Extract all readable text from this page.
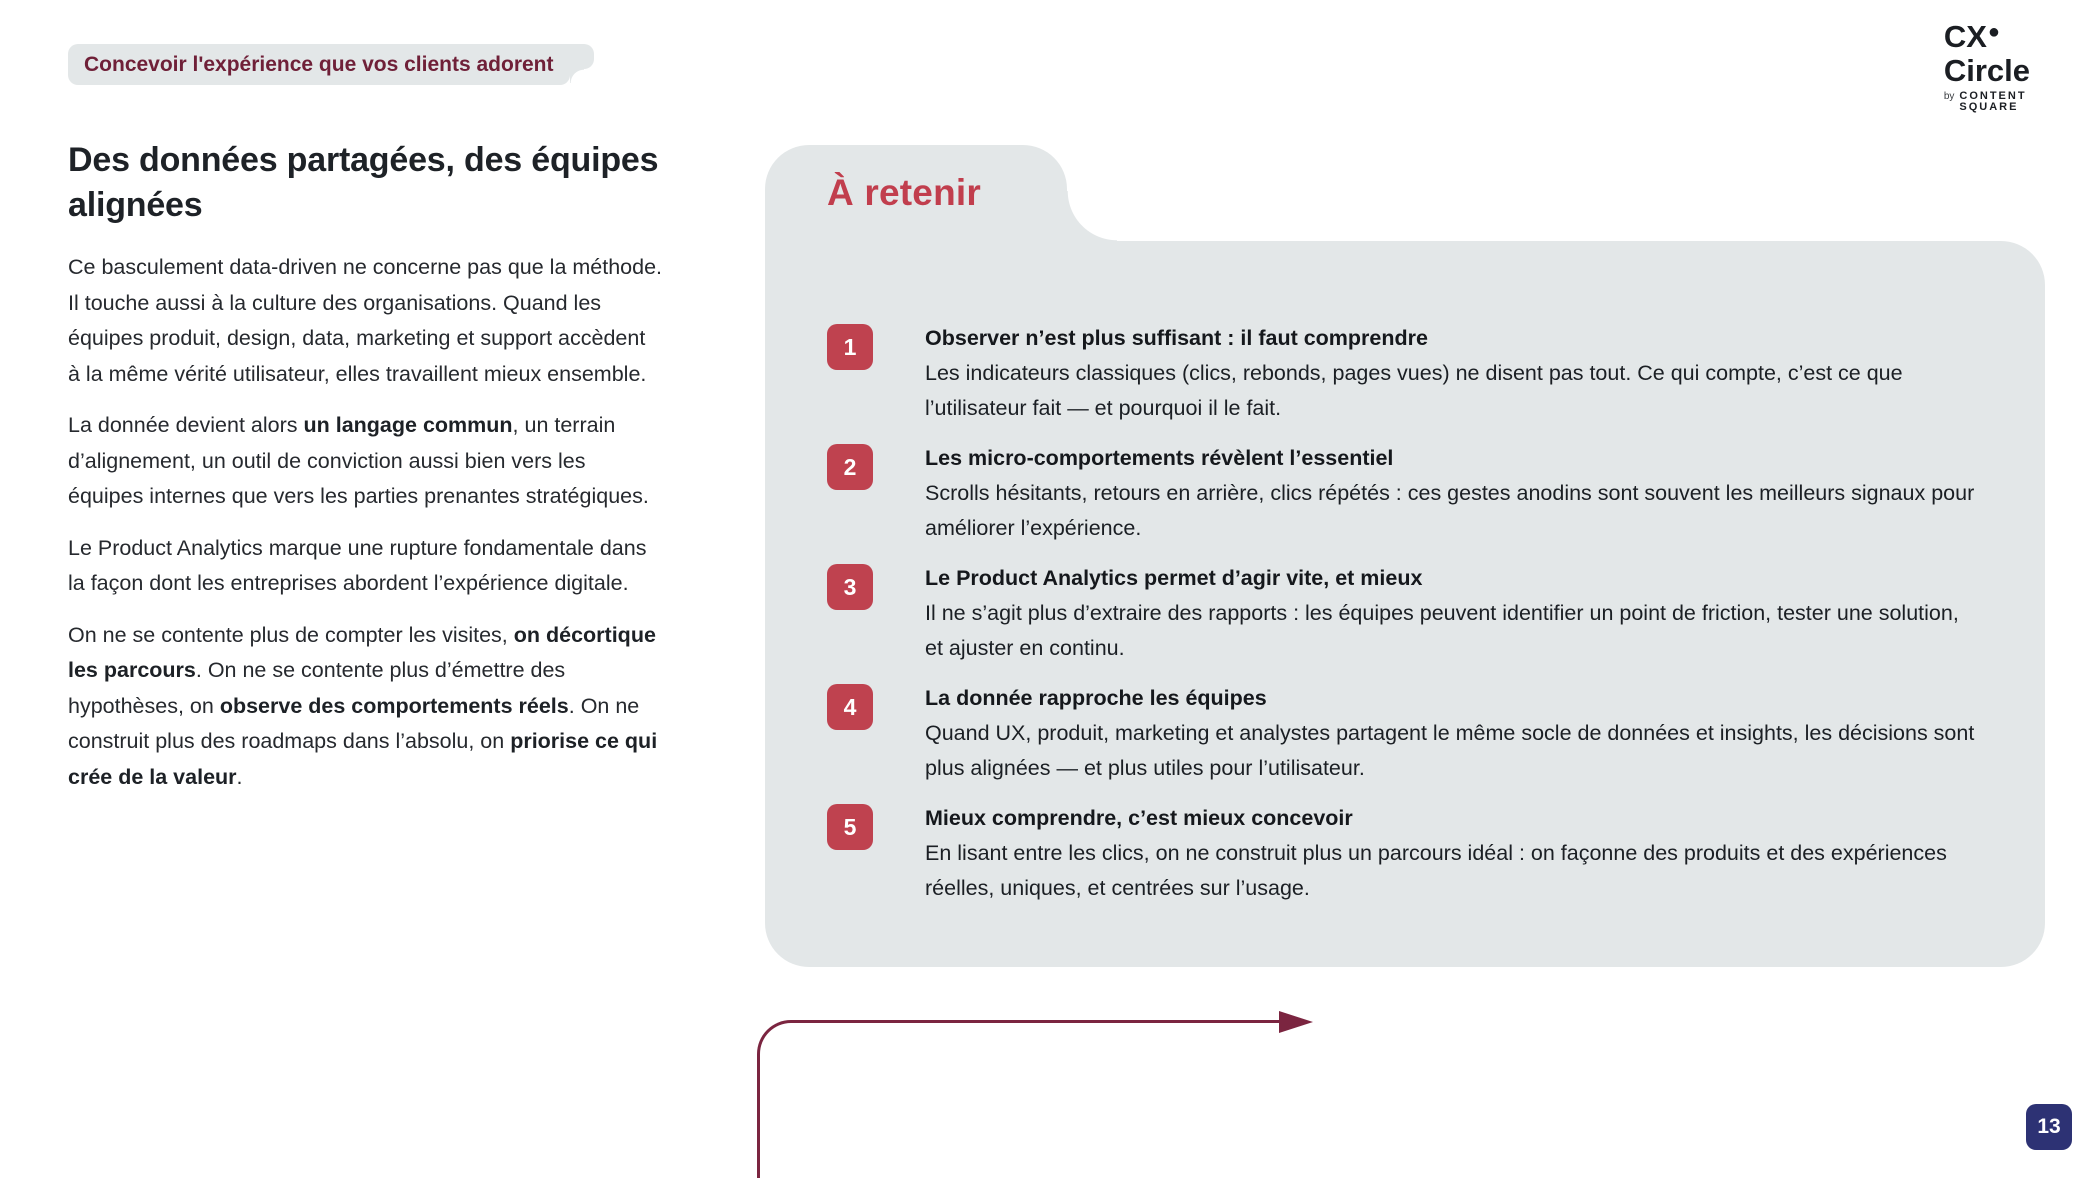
Concevoir l'expérience que vos clients adorent
CX●
Circle
by CONTENT
SQUARE
Des données partagées, des équipes alignées

Ce basculement data-driven ne concerne pas que la méthode. Il touche aussi à la culture des organisations. Quand les équipes produit, design, data, marketing et support accèdent à la même vérité utilisateur, elles travaillent mieux ensemble.

La donnée devient alors un langage commun, un terrain d’alignement, un outil de conviction aussi bien vers les équipes internes que vers les parties prenantes stratégiques.

Le Product Analytics marque une rupture fondamentale dans la façon dont les entreprises abordent l’expérience digitale.

On ne se contente plus de compter les visites, on décortique les parcours. On ne se contente plus d’émettre des hypothèses, on observe des comportements réels. On ne construit plus des roadmaps dans l’absolu, on priorise ce qui crée de la valeur.

À retenir
1	Observer n’est plus suffisant : il faut comprendre
Les indicateurs classiques (clics, rebonds, pages vues) ne disent pas tout. Ce qui compte, c’est ce que l’utilisateur fait — et pourquoi il le fait.
2	Les micro-comportements révèlent l’essentiel
Scrolls hésitants, retours en arrière, clics répétés : ces gestes anodins sont souvent les meilleurs signaux pour améliorer l’expérience.
3	Le Product Analytics permet d’agir vite, et mieux
Il ne s’agit plus d’extraire des rapports : les équipes peuvent identifier un point de friction, tester une solution, et ajuster en continu.
4	La donnée rapproche les équipes
Quand UX, produit, marketing et analystes partagent le même socle de données et insights, les décisions sont plus alignées — et plus utiles pour l’utilisateur.
5	Mieux comprendre, c’est mieux concevoir
En lisant entre les clics, on ne construit plus un parcours idéal : on façonne des produits et des expériences réelles, uniques, et centrées sur l’usage.
13
